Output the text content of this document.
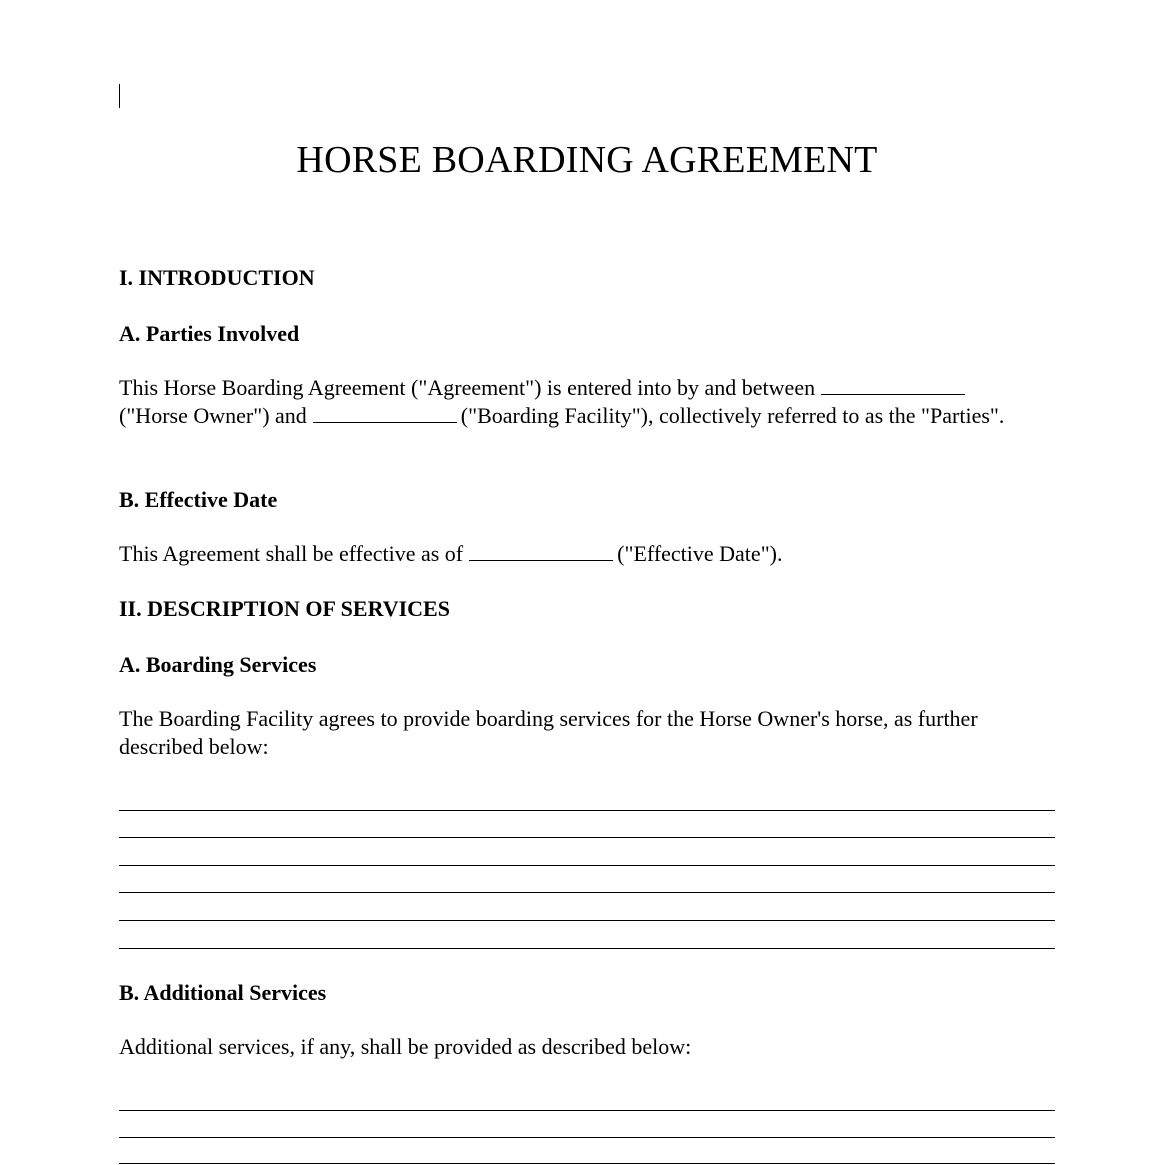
HORSE BOARDING AGREEMENT
I. INTRODUCTION
A. Parties Involved

This Horse Boarding Agreement ("Agreement") is entered into by and between
("Horse Owner") and	("Boarding Facility"), collectively referred to as the "Parties".

B. Effective Date

This Agreement shall be effective as of	("Effective Date").

II. DESCRIPTION OF SERVICES
A. Boarding Services

The Boarding Facility agrees to provide boarding services for the Horse Owner's horse, as further described below:

B. Additional Services

Additional services, if any, shall be provided as described below:
